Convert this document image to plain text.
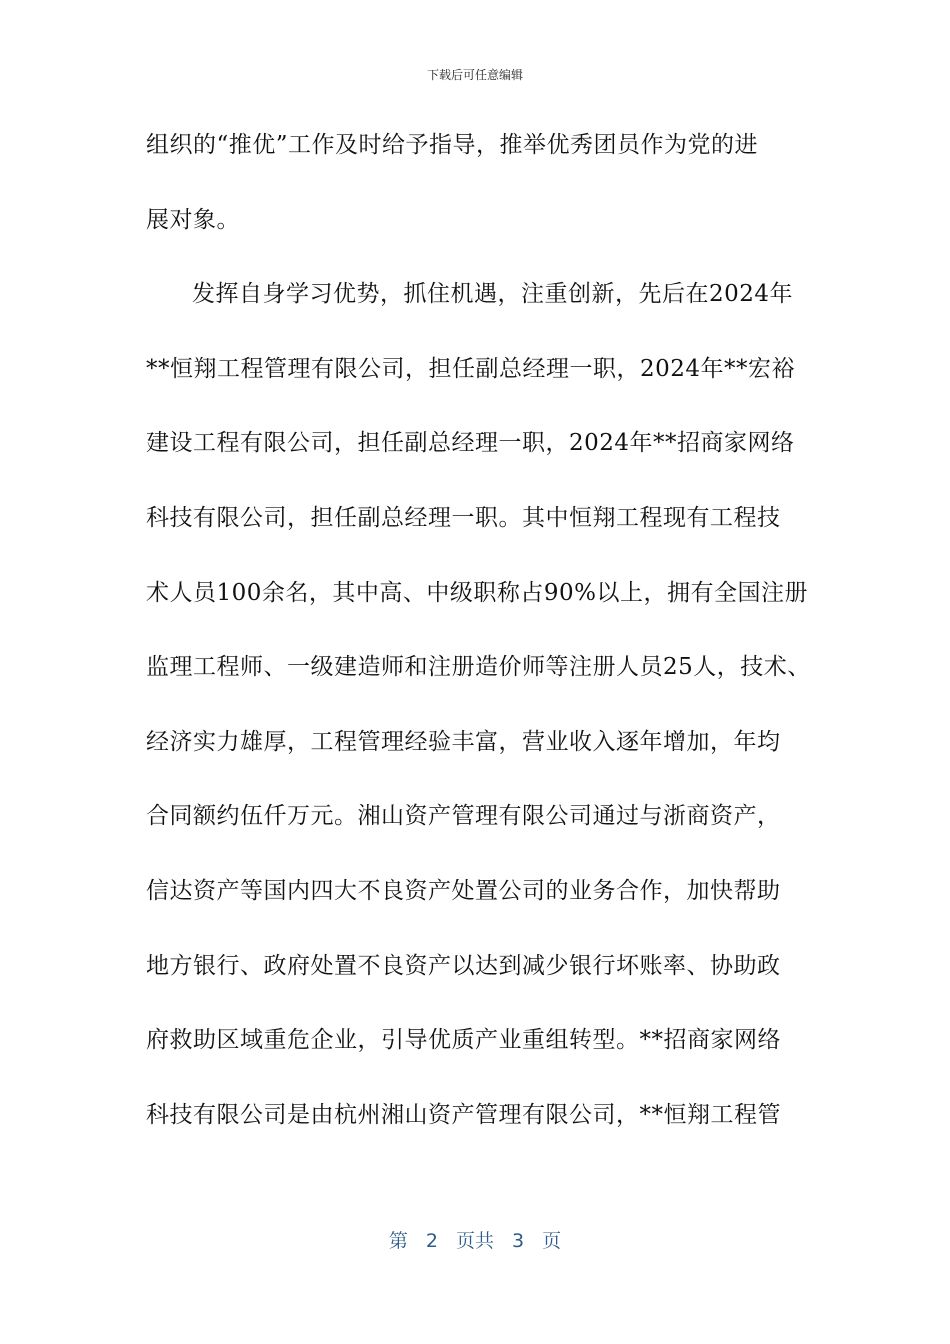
下载后可任意编辑
组织的“推优”工作及时给予指导，推举优秀团员作为党的进
展对象。
发挥自身学习优势，抓住机遇，注重创新，先后在2024年
**恒翔工程管理有限公司，担任副总经理一职，2024年**宏裕
建设工程有限公司，担任副总经理一职，2024年**招商家网络
科技有限公司，担任副总经理一职。其中恒翔工程现有工程技
术人员100余名，其中高、中级职称占90%以上，拥有全国注册
监理工程师、一级建造师和注册造价师等注册人员25人，技术、
经济实力雄厚，工程管理经验丰富，营业收入逐年增加，年均
合同额约伍仟万元。湘山资产管理有限公司通过与浙商资产，
信达资产等国内四大不良资产处置公司的业务合作，加快帮助
地方银行、政府处置不良资产以达到减少银行坏账率、协助政
府救助区域重危企业，引导优质产业重组转型。**招商家网络
科技有限公司是由杭州湘山资产管理有限公司，**恒翔工程管
第 2 页共 3 页
